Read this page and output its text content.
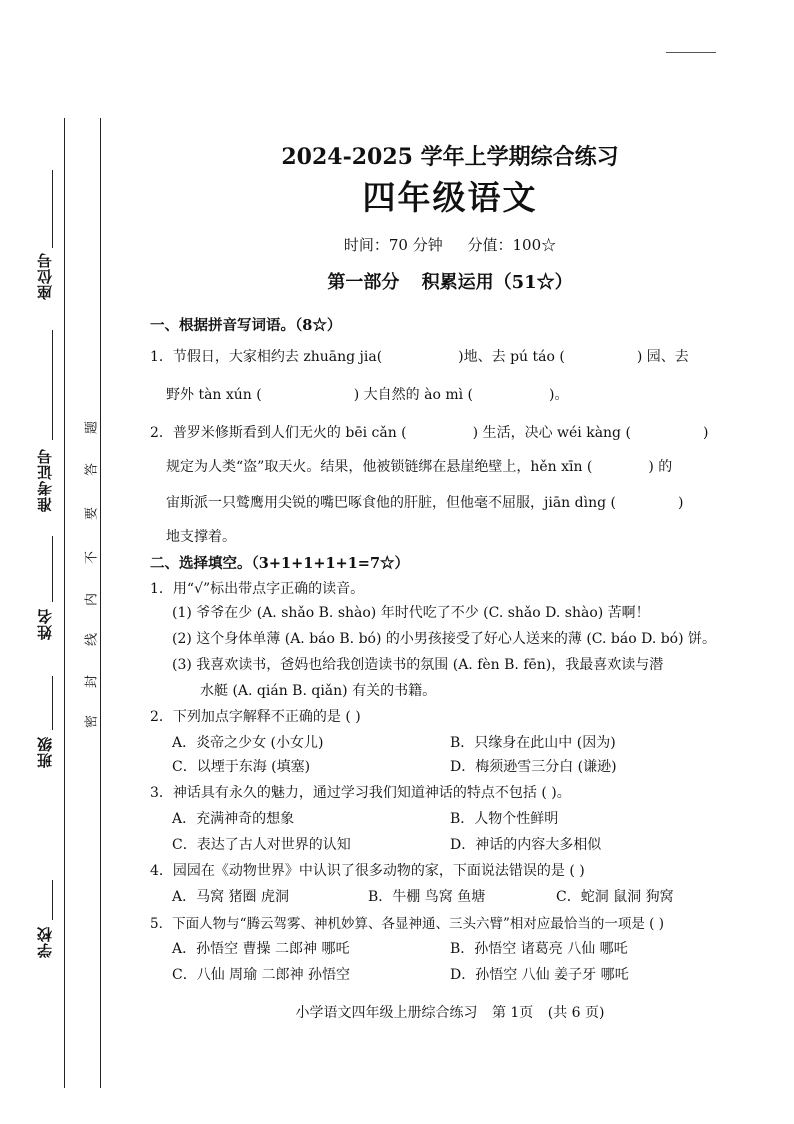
座位号
准考证号
姓名
班级
学校
密
封
线
内
不
要
答
题
2024-2025 学年上学期综合练习
四年级语文
时间：70 分钟 分值：100☆
第一部分 积累运用（51☆）
一、根据拼音写词语。（8☆）
1．节假日，大家相约去 zhuāng jia(	)地、去 pú táo (	) 园、去
野外 tàn xún (	) 大自然的 ào mì (	)。
2．普罗米修斯看到人们无火的 bēi cǎn (	) 生活，决心 wéi kàng (	)
规定为人类“盗”取天火。结果，他被锁链绑在悬崖绝壁上，hěn xīn (	) 的
宙斯派一只鹫鹰用尖锐的嘴巴啄食他的肝脏，但他毫不屈服，jiān dìng (	)
地支撑着。
二、选择填空。（3+1+1+1+1=7☆）
1．用“√”标出带点字正确的读音。
(1) 爷爷在少 (A. shǎo B. shào) 年时代吃了不少 (C. shǎo D. shào) 苦啊！
(2) 这个身体单薄 (A. báo B. bó) 的小男孩接受了好心人送来的薄 (C. báo D. bó) 饼。
(3) 我喜欢读书，爸妈也给我创造读书的氛围 (A. fèn B. fēn)，我最喜欢读与潜
水艇 (A. qián B. qiǎn) 有关的书籍。
2．下列加点字解释不正确的是 ( )
A．炎帝之少女 (小女儿)	B．只缘身在此山中 (因为)
C．以堙于东海 (填塞)	D．梅须逊雪三分白 (谦逊)
3．神话具有永久的魅力，通过学习我们知道神话的特点不包括 ( )。
A．充满神奇的想象	B．人物个性鲜明
C．表达了古人对世界的认知	D．神话的内容大多相似
4．园园在《动物世界》中认识了很多动物的家，下面说法错误的是 ( )
A．马窝 猪圈 虎洞	B．牛棚 鸟窝 鱼塘	C．蛇洞 鼠洞 狗窝
5．下面人物与“腾云驾雾、神机妙算、各显神通、三头六臂”相对应最恰当的一项是 ( )
A．孙悟空 曹操 二郎神 哪吒	B．孙悟空 诸葛亮 八仙 哪吒
C．八仙 周瑜 二郎神 孙悟空	D．孙悟空 八仙 姜子牙 哪吒
小学语文四年级上册综合练习 第 1页 (共 6 页)
